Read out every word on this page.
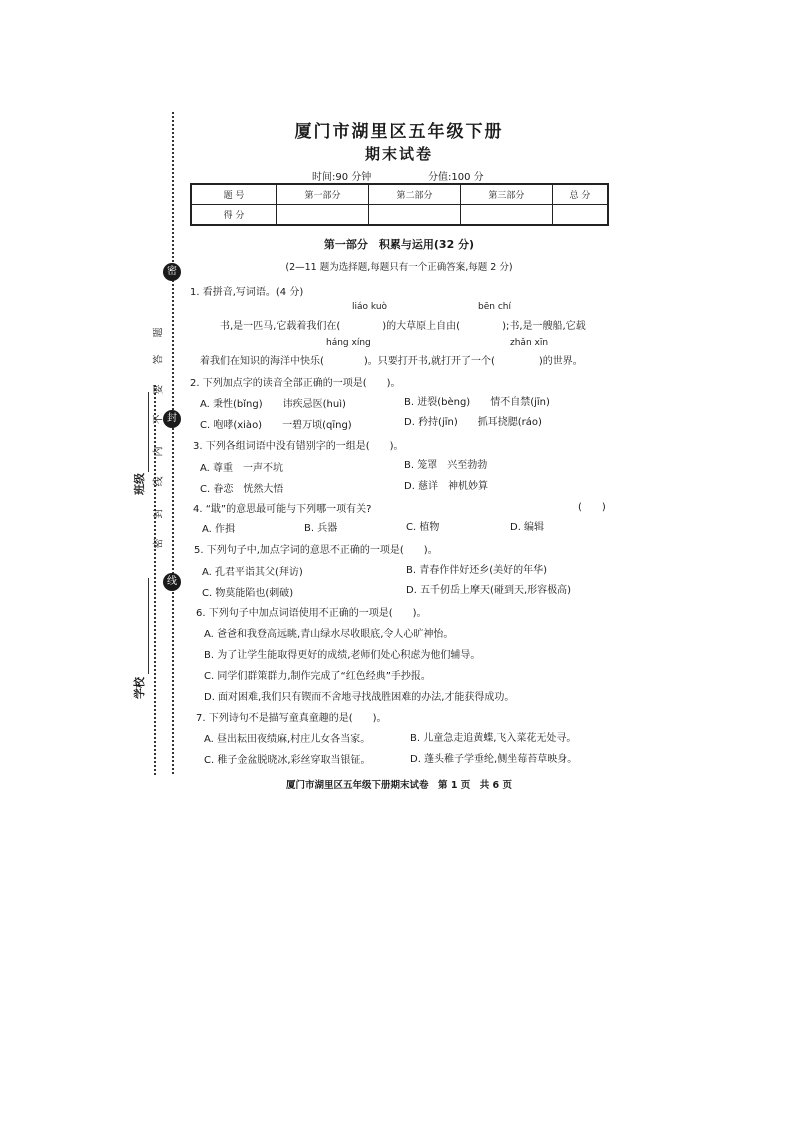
密
封
线
题
答
要
不
内
线
封
密
班级
学校
厦门市湖里区五年级下册
期末试卷
时间:90 分钟	分值:100 分
题 号	第一部分	第二部分	第三部分	总 分
得 分				
第一部分　积累与运用(32 分)
(2—11 题为选择题,每题只有一个正确答案,每题 2 分)
1. 看拼音,写词语。(4 分)
liáo kuò	bēn chí
书,是一匹马,它载着我们在(	)的大草原上自由(	);书,是一艘船,它载
háng xíng	zhǎn xīn
着我们在知识的海洋中快乐(	)。只要打开书,就打开了一个(	)的世界。
2. 下列加点字的读音全部正确的一项是(　　)。
A. 秉性(bǐng)　　讳疾忌医(huì)	B. 迸裂(bèng)　　情不自禁(jīn)
C. 咆哮(xiào)　　一碧万顷(qīng)	D. 矜持(jīn)　　抓耳挠腮(ráo)
3. 下列各组词语中没有错别字的一组是(　　)。
A. 尊重　一声不坑	B. 笼罩　兴至勃勃
C. 眷恋　恍然大悟	D. 慈详　神机妙算
4. “戢”的意思最可能与下列哪一项有关?	(　　)
A. 作揖	B. 兵器	C. 植物	D. 编辑
5. 下列句子中,加点字词的意思不正确的一项是(　　)。
A. 孔君平诣其父(拜访)	B. 青春作伴好还乡(美好的年华)
C. 物莫能陷也(刺破)	D. 五千仞岳上摩天(碰到天,形容极高)
6. 下列句子中加点词语使用不正确的一项是(　　)。
A. 爸爸和我登高远眺,青山绿水尽收眼底,令人心旷神怡。
B. 为了让学生能取得更好的成绩,老师们处心积虑为他们辅导。
C. 同学们群策群力,制作完成了“红色经典”手抄报。
D. 面对困难,我们只有锲而不舍地寻找战胜困难的办法,才能获得成功。
7. 下列诗句不是描写童真童趣的是(　　)。
A. 昼出耘田夜绩麻,村庄儿女各当家。	B. 儿童急走追黄蝶,飞入菜花无处寻。
C. 稚子金盆脱晓冰,彩丝穿取当银钲。	D. 蓬头稚子学垂纶,侧坐莓苔草映身。
厦门市湖里区五年级下册期末试卷　第 1 页　共 6 页
